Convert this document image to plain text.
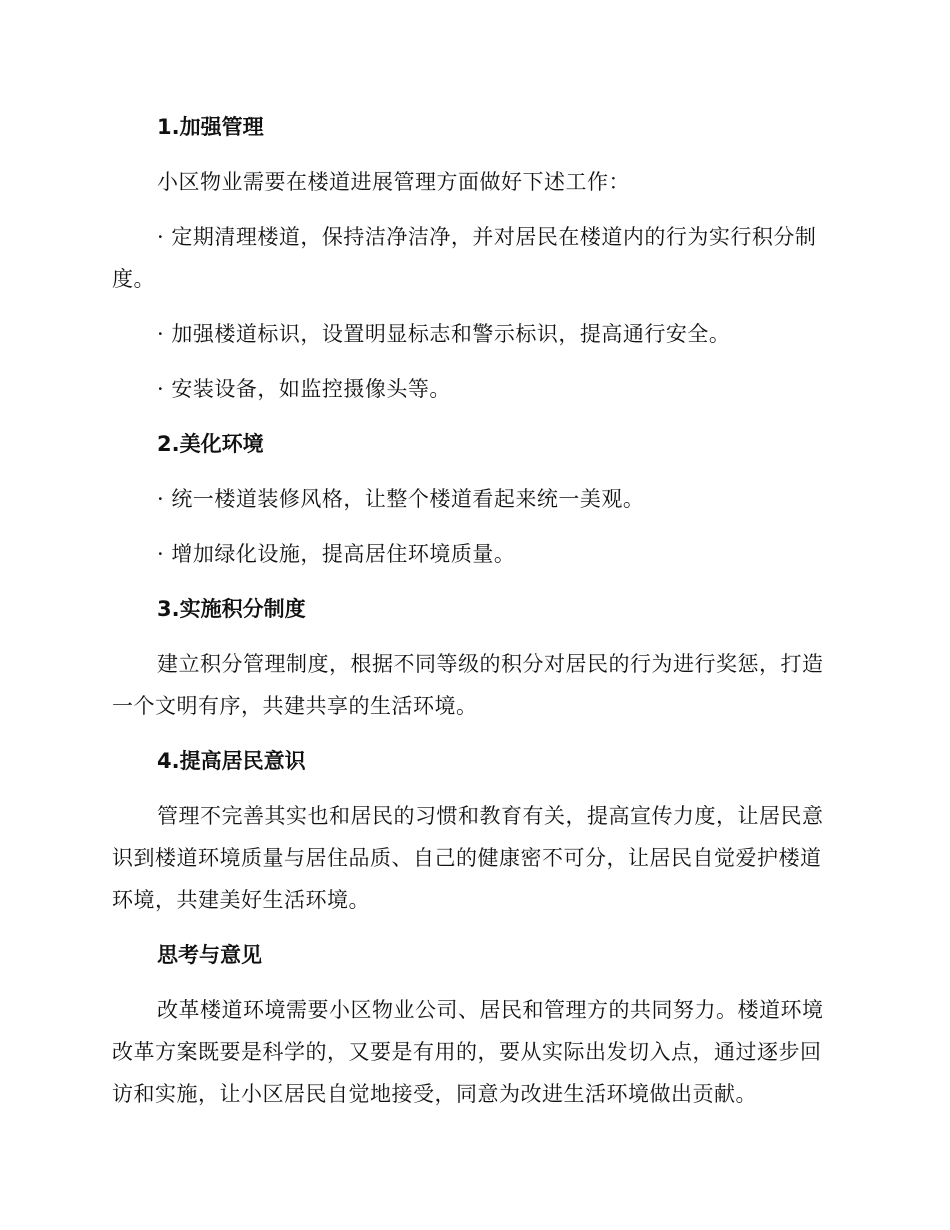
1.加强管理

小区物业需要在楼道进展管理方面做好下述工作：

· 定期清理楼道，保持洁净洁净，并对居民在楼道内的行为实行积分制

度。

· 加强楼道标识，设置明显标志和警示标识，提高通行安全。

· 安装设备，如监控摄像头等。

2.美化环境

· 统一楼道装修风格，让整个楼道看起来统一美观。

· 增加绿化设施，提高居住环境质量。

3.实施积分制度

建立积分管理制度，根据不同等级的积分对居民的行为进行奖惩，打造

一个文明有序，共建共享的生活环境。

4.提高居民意识

管理不完善其实也和居民的习惯和教育有关，提高宣传力度，让居民意

识到楼道环境质量与居住品质、自己的健康密不可分，让居民自觉爱护楼道

环境，共建美好生活环境。

思考与意见

改革楼道环境需要小区物业公司、居民和管理方的共同努力。楼道环境

改革方案既要是科学的，又要是有用的，要从实际出发切入点，通过逐步回

访和实施，让小区居民自觉地接受，同意为改进生活环境做出贡献。
